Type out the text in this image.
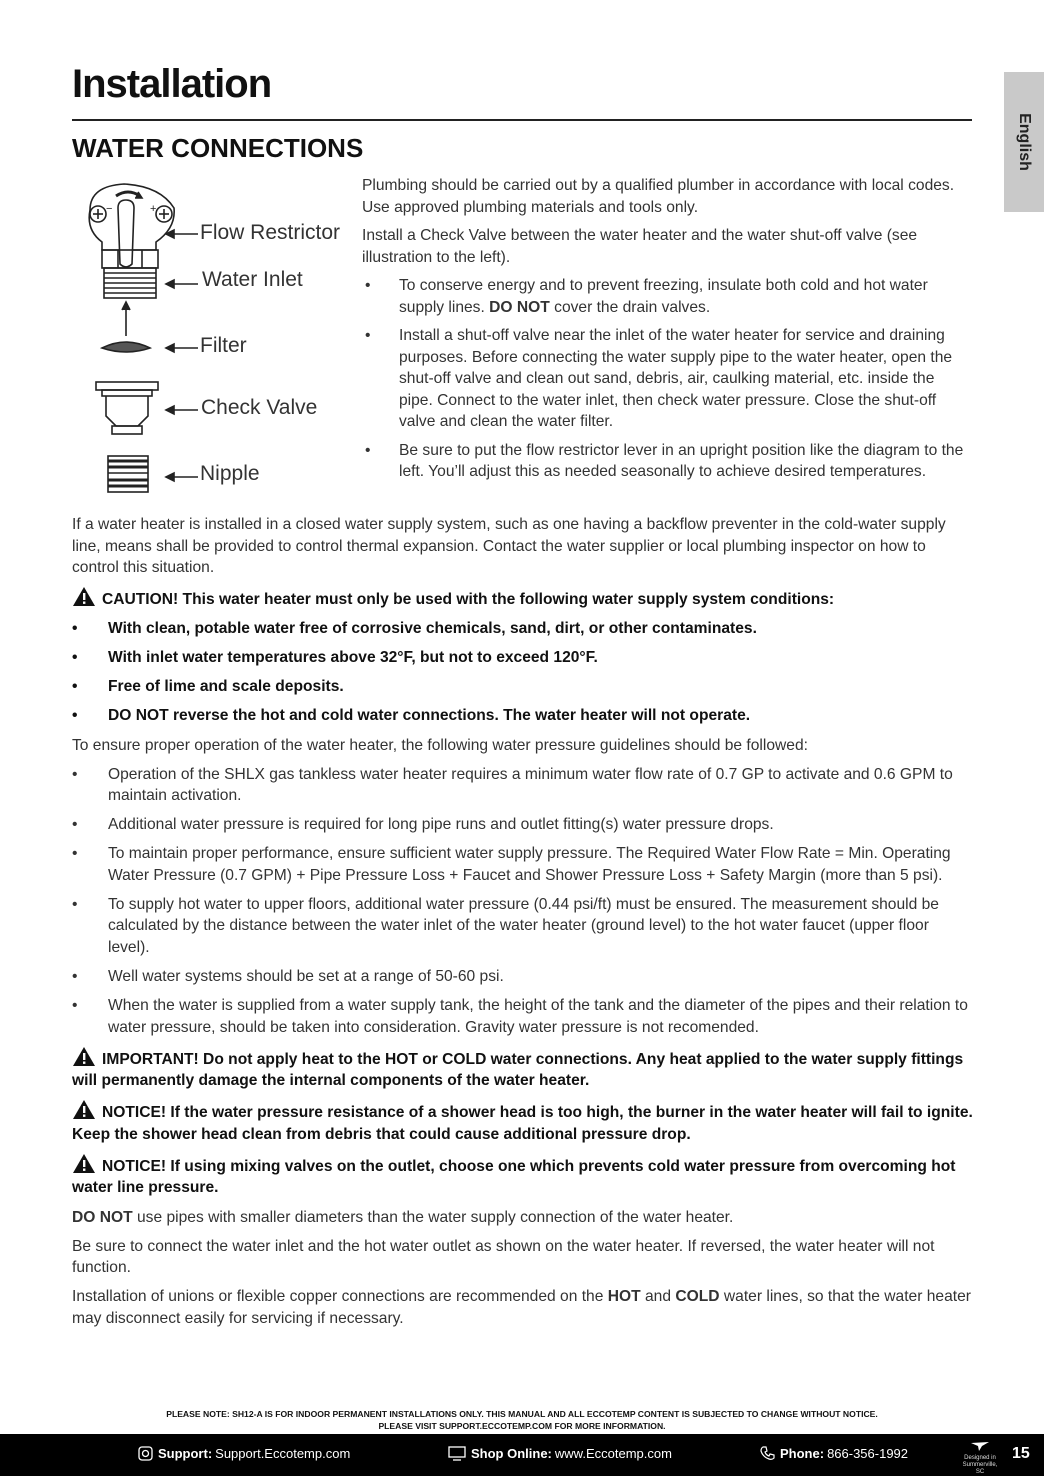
Installation
English
WATER CONNECTIONS
−	+
Flow Restrictor
Water Inlet
Filter
Check Valve
Nipple

Plumbing should be carried out by a qualified plumber in accordance with local codes. Use approved plumbing materials and tools only.

Install a Check Valve between the water heater and the water shut-off valve (see illustration to the left).

• To conserve energy and to prevent freezing, insulate both cold and hot water supply lines. DO NOT cover the drain valves.
• Install a shut-off valve near the inlet of the water heater for service and draining purposes. Before connecting the water supply pipe to the water heater, open the shut-off valve and clean out sand, debris, air, caulking material, etc. inside the pipe. Connect to the water inlet, then check water pressure. Close the shut-off valve and clean the water filter.
• Be sure to put the flow restrictor lever in an upright position like the diagram to the left. You’ll adjust this as needed seasonally to achieve desired temperatures.

If a water heater is installed in a closed water supply system, such as one having a backflow preventer in the cold-water supply line, means shall be provided to control thermal expansion. Contact the water supplier or local plumbing inspector on how to control this situation.

CAUTION! This water heater must only be used with the following water supply system conditions:

• With clean, potable water free of corrosive chemicals, sand, dirt, or other contaminates.
• With inlet water temperatures above 32°F, but not to exceed 120°F.
• Free of lime and scale deposits.
• DO NOT reverse the hot and cold water connections. The water heater will not operate.

To ensure proper operation of the water heater, the following water pressure guidelines should be followed:

• Operation of the SHLX gas tankless water heater requires a minimum water flow rate of 0.7 GP to activate and 0.6 GPM to maintain activation.
• Additional water pressure is required for long pipe runs and outlet fitting(s) water pressure drops.
• To maintain proper performance, ensure sufficient water supply pressure. The Required Water Flow Rate = Min. Operating Water Pressure (0.7 GPM) + Pipe Pressure Loss + Faucet and Shower Pressure Loss + Safety Margin (more than 5 psi).
• To supply hot water to upper floors, additional water pressure (0.44 psi/ft) must be ensured. The measurement should be calculated by the distance between the water inlet of the water heater (ground level) to the hot water faucet (upper floor level).
• Well water systems should be set at a range of 50-60 psi.
• When the water is supplied from a water supply tank, the height of the tank and the diameter of the pipes and their relation to water pressure, should be taken into consideration. Gravity water pressure is not recomended.

IMPORTANT! Do not apply heat to the HOT or COLD water connections. Any heat applied to the water supply fittings will permanently damage the internal components of the water heater.

NOTICE! If the water pressure resistance of a shower head is too high, the burner in the water heater will fail to ignite. Keep the shower head clean from debris that could cause additional pressure drop.

NOTICE! If using mixing valves on the outlet, choose one which prevents cold water pressure from overcoming hot water line pressure.

DO NOT use pipes with smaller diameters than the water supply connection of the water heater.

Be sure to connect the water inlet and the hot water outlet as shown on the water heater. If reversed, the water heater will not function.

Installation of unions or flexible copper connections are recommended on the HOT and COLD water lines, so that the water heater may disconnect easily for servicing if necessary.

PLEASE NOTE: SH12-A IS FOR INDOOR PERMANENT INSTALLATIONS ONLY. THIS MANUAL AND ALL ECCOTEMP CONTENT IS SUBJECTED TO CHANGE WITHOUT NOTICE.
PLEASE VISIT SUPPORT.ECCOTEMP.COM FOR MORE INFORMATION.
Support: Support.Eccotemp.com	Shop Online: www.Eccotemp.com	Phone: 866-356-1992	Designed in
Summerville, SC
15
